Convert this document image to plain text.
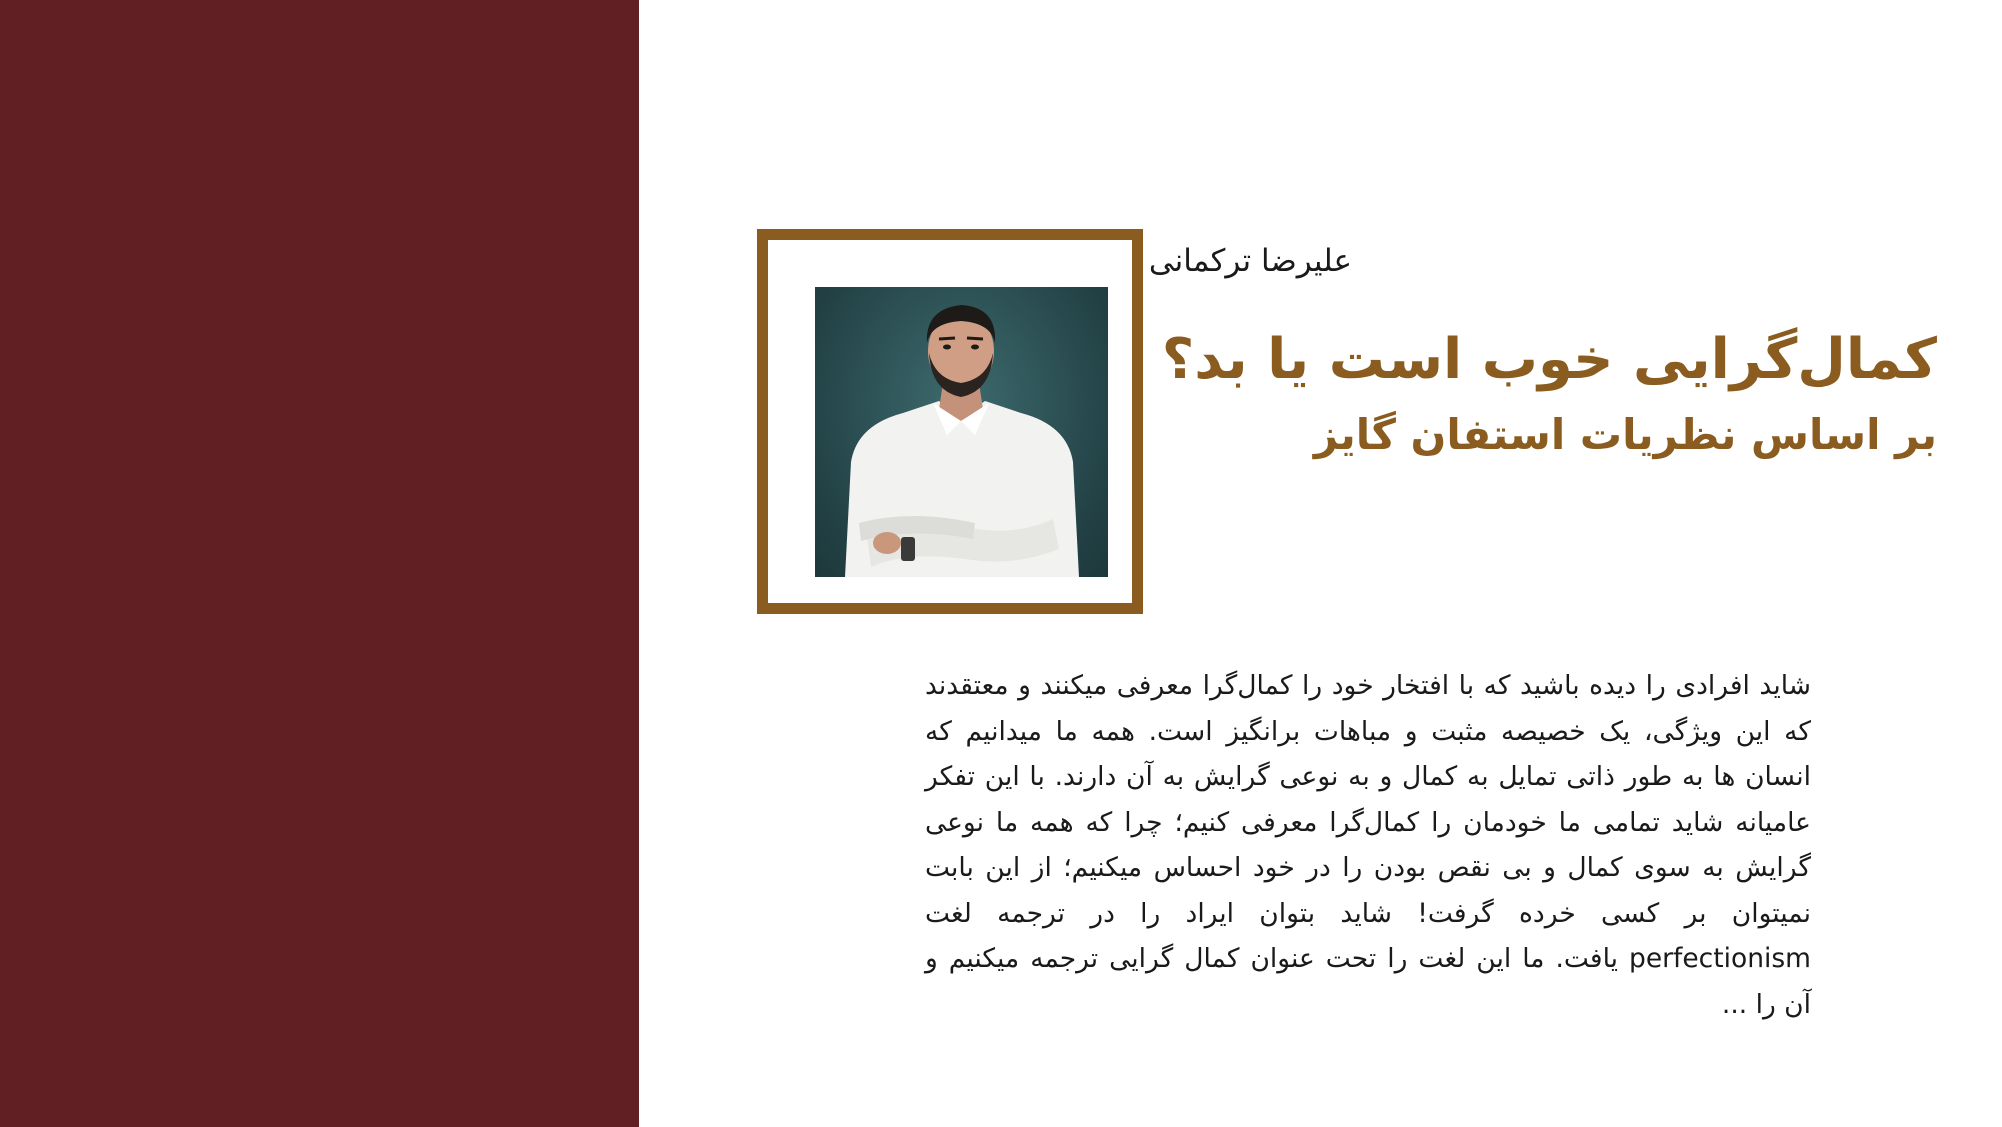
علیرضا ترکمانی
کمال‌گرایی خوب است یا بد؟
بر اساس نظریات استفان گایز

شاید افرادی را دیده باشید که با افتخار خود را کمال‌گرا معرفی میکنند و معتقدند که این ویژگی، یک خصیصه مثبت و مباهات برانگیز است. همه ما میدانیم که انسان ها به طور ذاتی تمایل به کمال و به نوعی گرایش به آن دارند. با این تفکر عامیانه شاید تمامی ما خودمان را کمال‌گرا معرفی کنیم؛ چرا که همه ما نوعی گرایش به سوی کمال و بی نقص بودن را در خود احساس میکنیم؛ از این بابت نمیتوان بر کسی خرده گرفت! شاید بتوان ایراد را در ترجمه لغت perfectionism یافت. ما این لغت را تحت عنوان کمال گرایی ترجمه میکنیم و آن را ...
